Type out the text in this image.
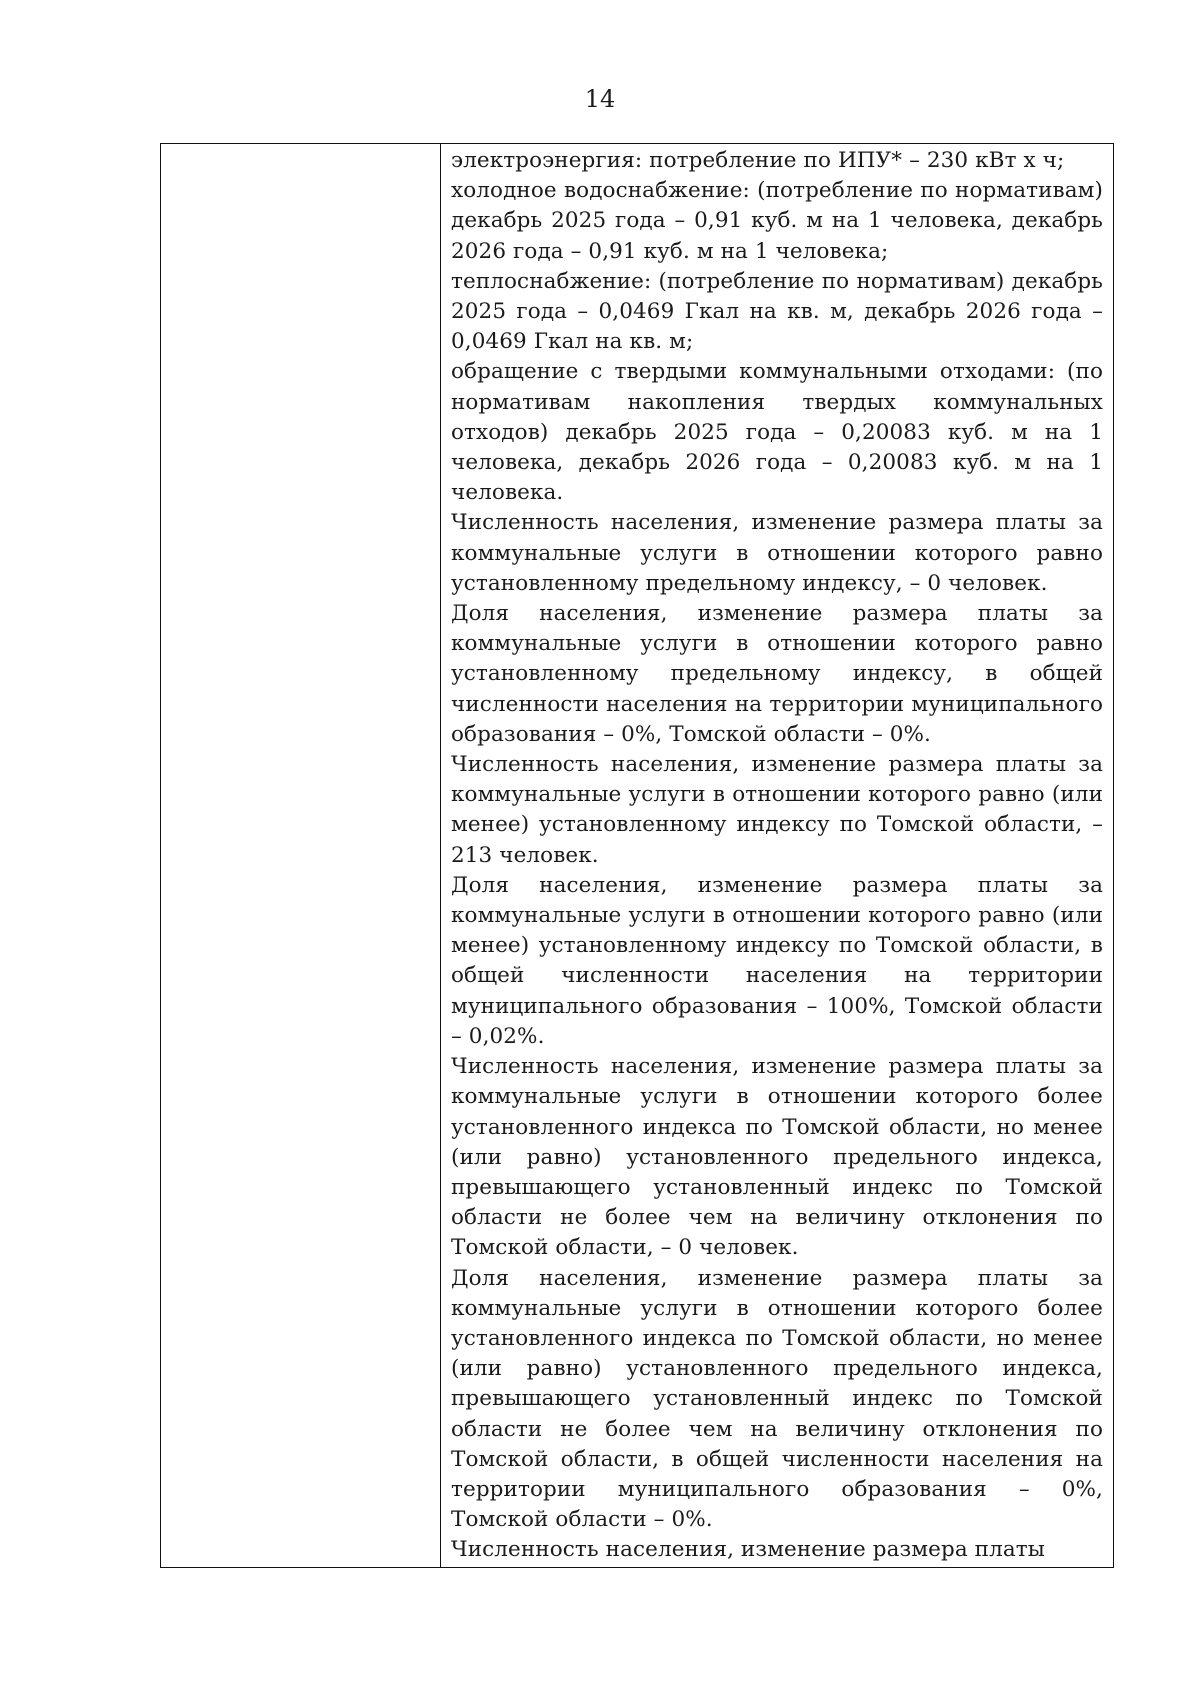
14

электроэнергия: потребление по ИПУ* – 230 кВт х ч;

холодное водоснабжение: (потребление по нормативам) декабрь 2025 года – 0,91 куб. м на 1 человека, декабрь 2026 года – 0,91 куб. м на 1 человека;

теплоснабжение: (потребление по нормативам) декабрь 2025 года – 0,0469 Гкал на кв. м, декабрь 2026 года – 0,0469 Гкал на кв. м;

обращение с твердыми коммунальными отходами: (по нормативам накопления твердых коммунальных отходов) декабрь 2025 года – 0,20083 куб. м на 1 человека, декабрь 2026 года – 0,20083 куб. м на 1 человека.

Численность населения, изменение размера платы за коммунальные услуги в отношении которого равно установленному предельному индексу, – 0 человек.

Доля населения, изменение размера платы за коммунальные услуги в отношении которого равно установленному предельному индексу, в общей численности населения на территории муниципального образования – 0%, Томской области – 0%.

Численность населения, изменение размера платы за коммунальные услуги в отношении которого равно (или менее) установленному индексу по Томской области, – 213 человек.

Доля населения, изменение размера платы за коммунальные услуги в отношении которого равно (или менее) установленному индексу по Томской области, в общей численности населения на территории муниципального образования – 100%, Томской области – 0,02%.

Численность населения, изменение размера платы за коммунальные услуги в отношении которого более установленного индекса по Томской области, но менее (или равно) установленного предельного индекса, превышающего установленный индекс по Томской области не более чем на величину отклонения по Томской области, – 0 человек.

Доля населения, изменение размера платы за коммунальные услуги в отношении которого более установленного индекса по Томской области, но менее (или равно) установленного предельного индекса, превышающего установленный индекс по Томской области не более чем на величину отклонения по Томской области, в общей численности населения на территории муниципального образования – 0%, Томской области – 0%.

Численность населения, изменение размера платы
